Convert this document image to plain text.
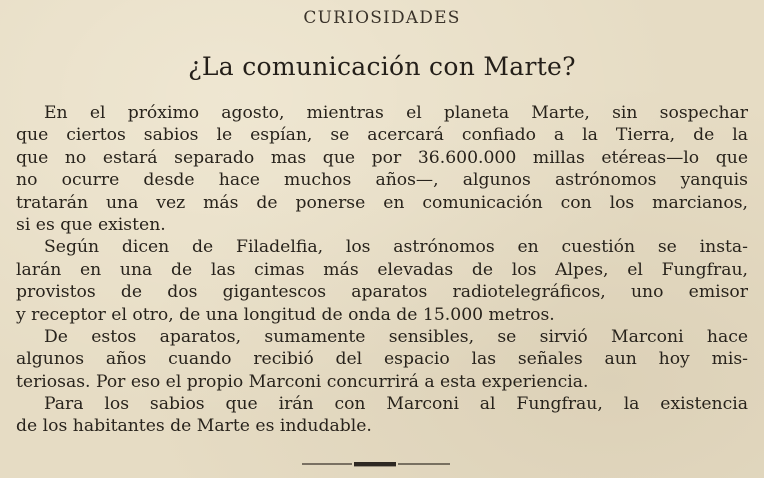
CURIOSIDADES
¿La comunicación con Marte?
En el próximo agosto, mientras el planeta Marte, sin sospechar
que ciertos sabios le espían, se acercará confiado a la Tierra, de la
que no estará separado mas que por 36.600.000 millas etéreas—lo que
no ocurre desde hace muchos años—, algunos astrónomos yanquis
tratarán una vez más de ponerse en comunicación con los marcianos,
si es que existen.
Según dicen de Filadelfia, los astrónomos en cuestión se insta-
larán en una de las cimas más elevadas de los Alpes, el Fungfrau,
provistos de dos gigantescos aparatos radiotelegráficos, uno emisor
y receptor el otro, de una longitud de onda de 15.000 metros.
De estos aparatos, sumamente sensibles, se sirvió Marconi hace
algunos años cuando recibió del espacio las señales aun hoy mis-
teriosas. Por eso el propio Marconi concurrirá a esta experiencia.
Para los sabios que irán con Marconi al Fungfrau, la existencia
de los habitantes de Marte es indudable.
